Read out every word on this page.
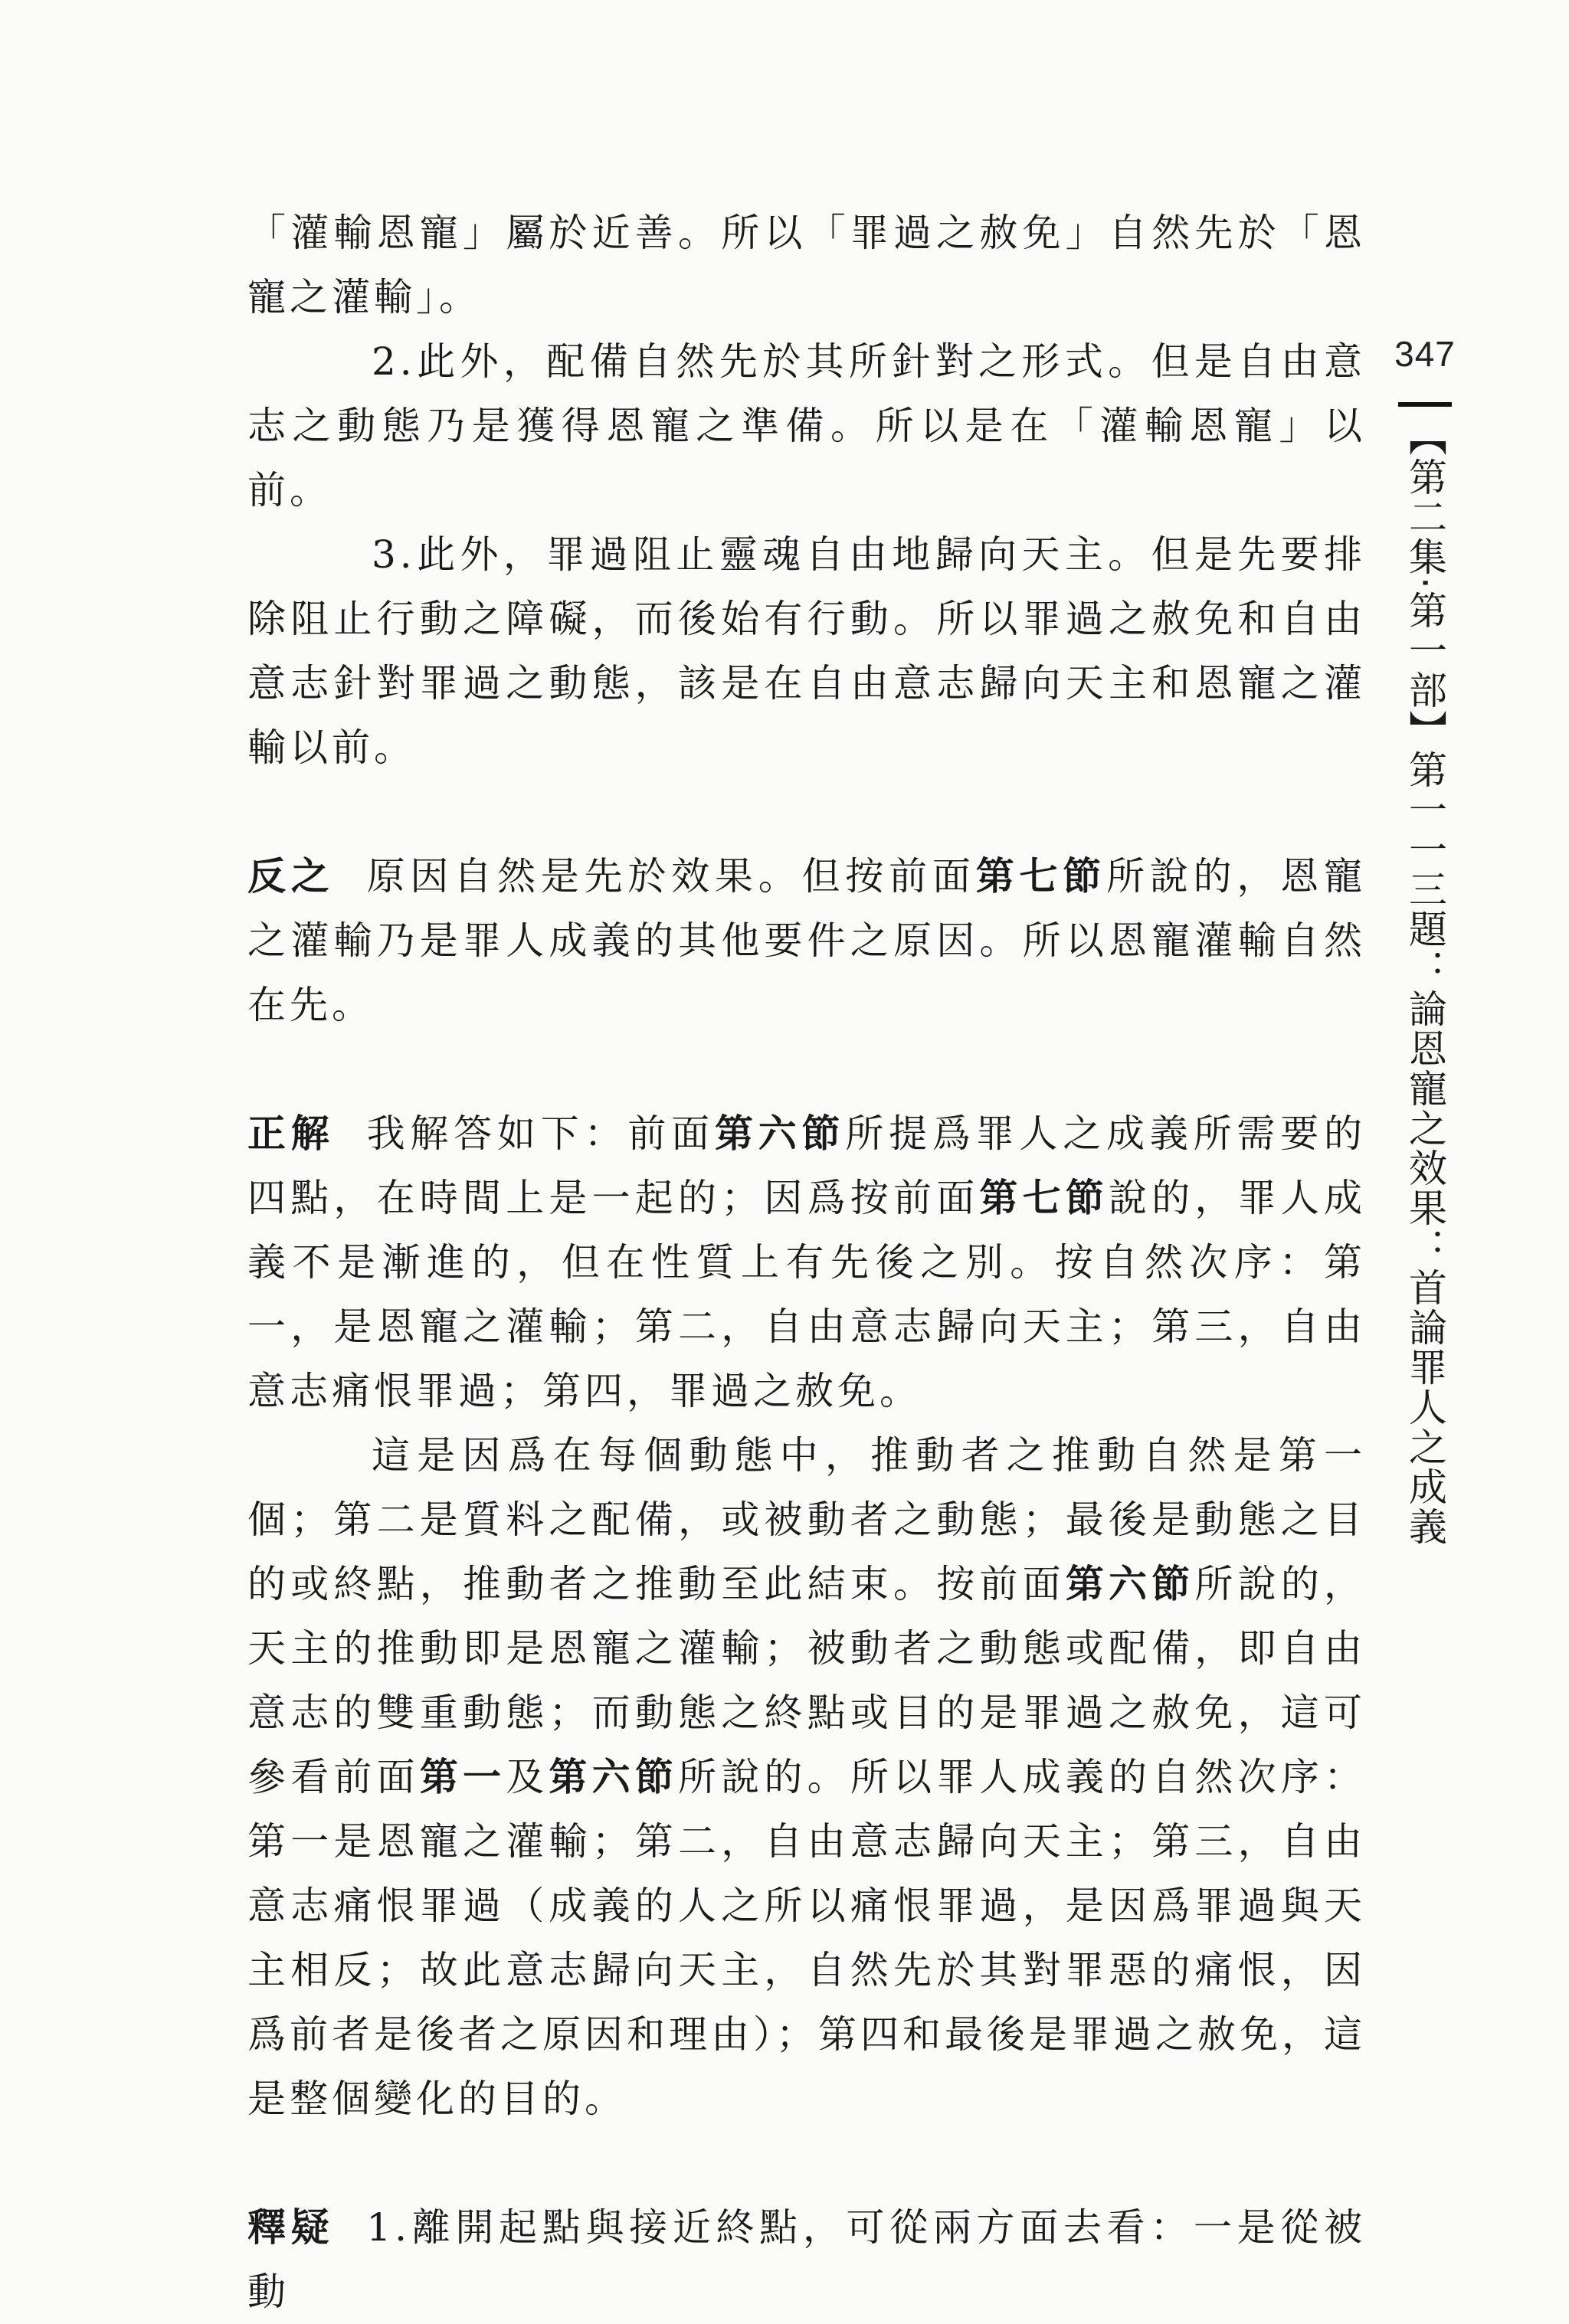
「灌輸恩寵」屬於近善。所以「罪過之赦免」自然先於「恩寵之灌輸」。

2.此外，配備自然先於其所針對之形式。但是自由意志之動態乃是獲得恩寵之準備。所以是在「灌輸恩寵」以前。

3.此外，罪過阻止靈魂自由地歸向天主。但是先要排除阻止行動之障礙，而後始有行動。所以罪過之赦免和自由意志針對罪過之動態，該是在自由意志歸向天主和恩寵之灌輸以前。

反之 原因自然是先於效果。但按前面第七節所說的，恩寵之灌輸乃是罪人成義的其他要件之原因。所以恩寵灌輸自然在先。

正解 我解答如下：前面第六節所提爲罪人之成義所需要的四點，在時間上是一起的；因爲按前面第七節說的，罪人成義不是漸進的，但在性質上有先後之別。按自然次序：第一，是恩寵之灌輸；第二，自由意志歸向天主；第三，自由意志痛恨罪過；第四，罪過之赦免。

這是因爲在每個動態中，推動者之推動自然是第一個；第二是質料之配備，或被動者之動態；最後是動態之目的或終點，推動者之推動至此結束。按前面第六節所說的，天主的推動即是恩寵之灌輸；被動者之動態或配備，即自由意志的雙重動態；而動態之終點或目的是罪過之赦免，這可參看前面第一及第六節所說的。所以罪人成義的自然次序：第一是恩寵之灌輸；第二，自由意志歸向天主；第三，自由意志痛恨罪過（成義的人之所以痛恨罪過，是因爲罪過與天主相反；故此意志歸向天主，自然先於其對罪惡的痛恨，因爲前者是後者之原因和理由）；第四和最後是罪過之赦免，這是整個變化的目的。

釋疑 1.離開起點與接近終點，可從兩方面去看：一是從被動

347
【第二集·第一部】第一一三題：論恩寵之效果：首論罪人之成義
